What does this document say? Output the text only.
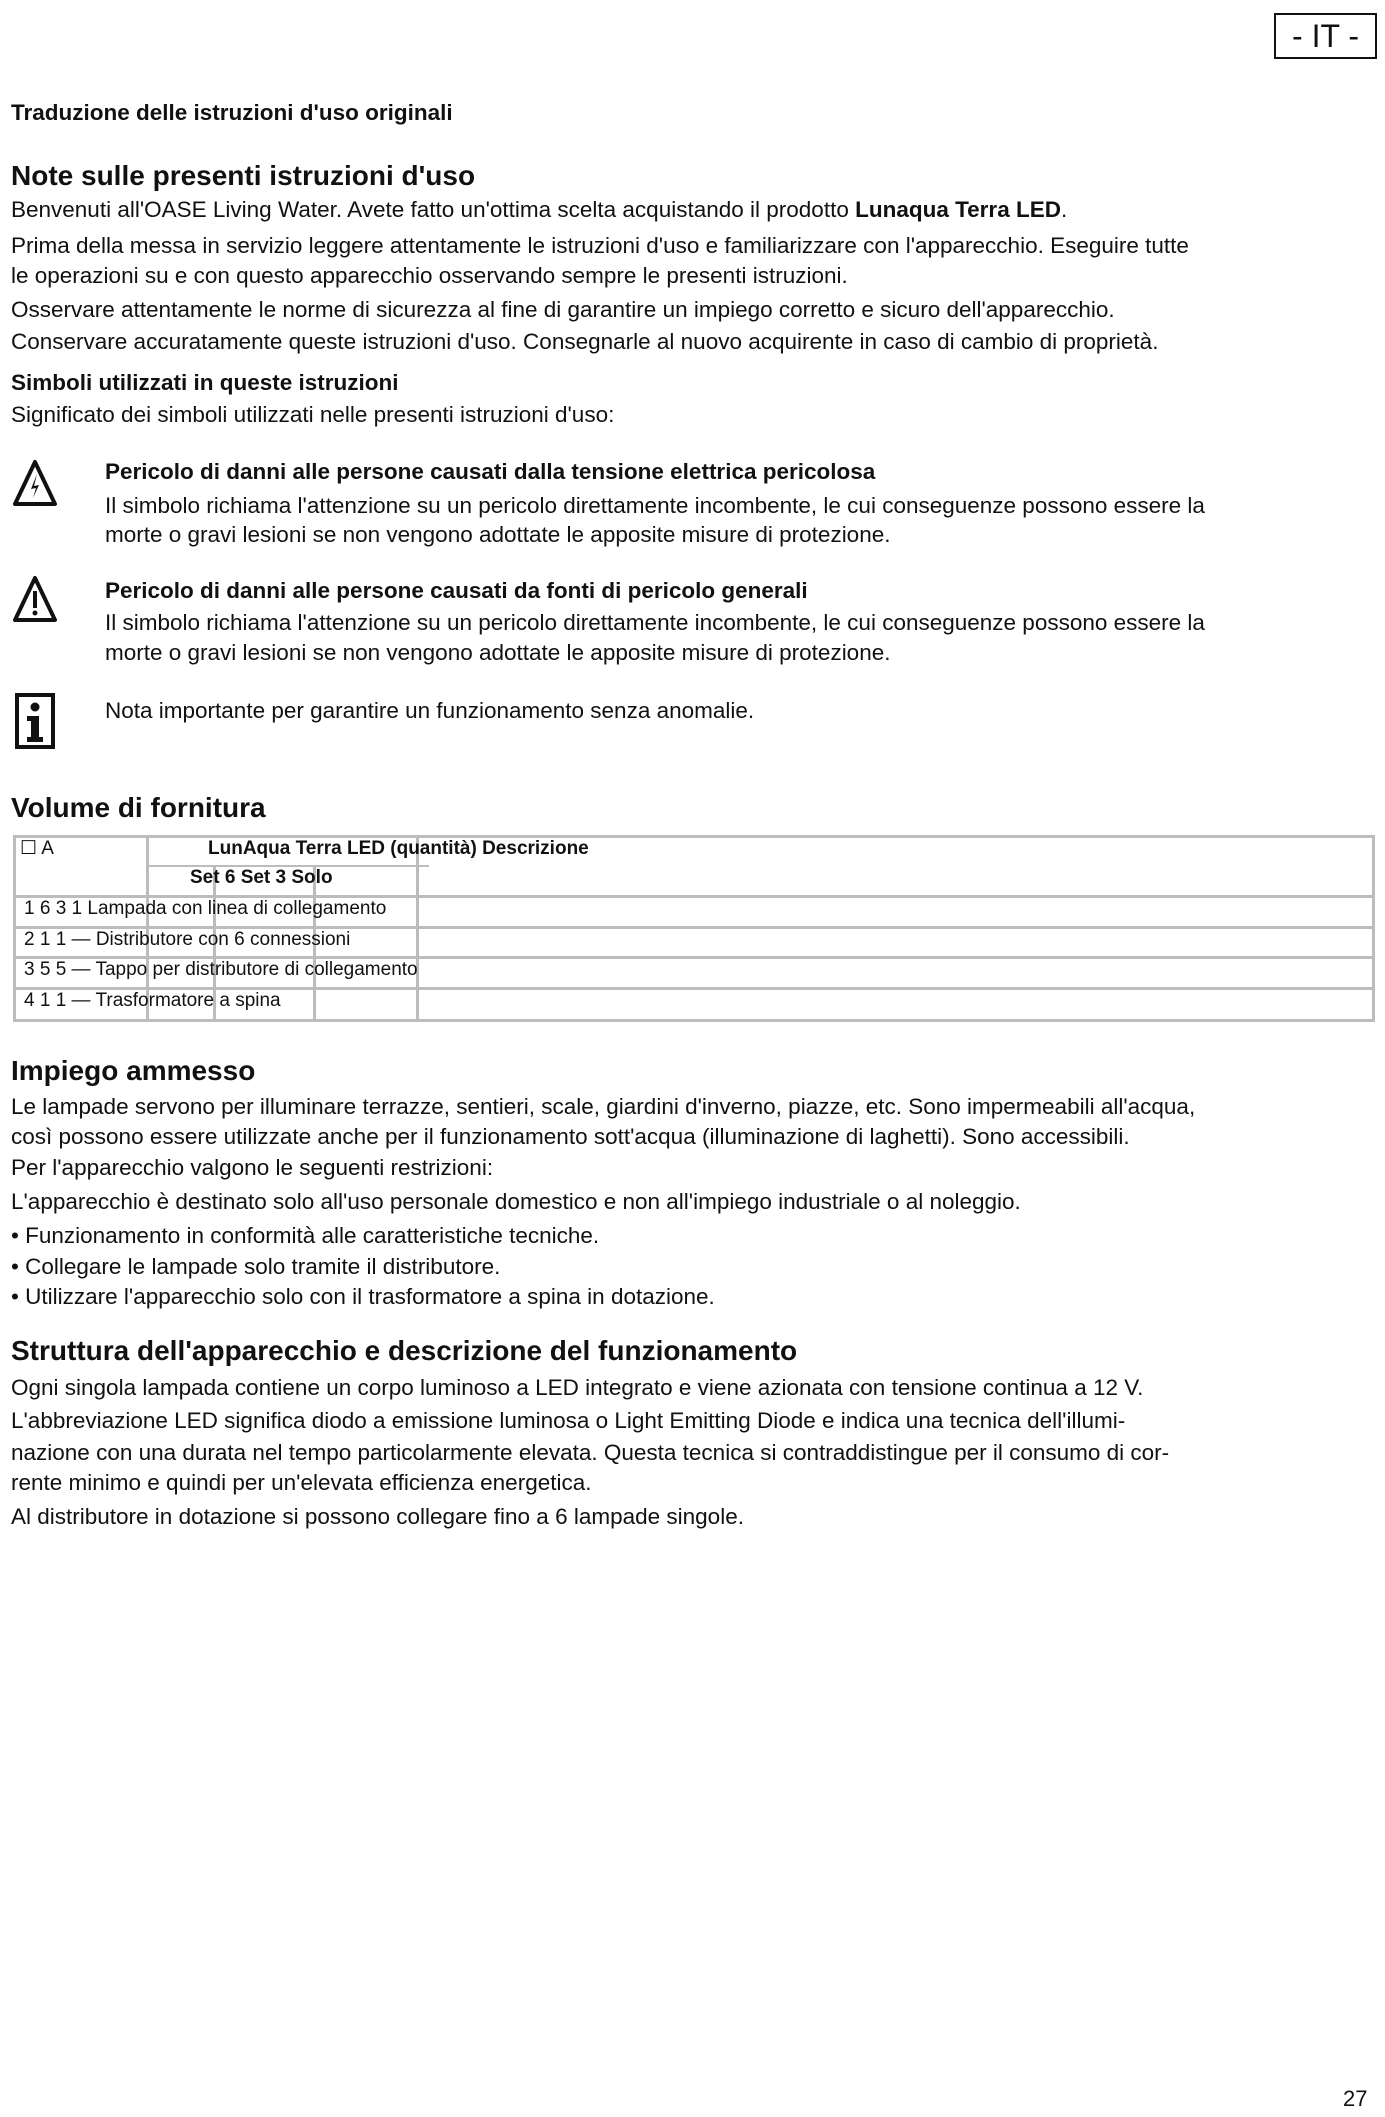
- IT -
Traduzione delle istruzioni d'uso originali
Note sulle presenti istruzioni d'uso
Benvenuti all'OASE Living Water. Avete fatto un'ottima scelta acquistando il prodotto Lunaqua Terra LED.
Prima della messa in servizio leggere attentamente le istruzioni d'uso e familiarizzare con l'apparecchio. Eseguire tutte
le operazioni su e con questo apparecchio osservando sempre le presenti istruzioni.
Osservare attentamente le norme di sicurezza al fine di garantire un impiego corretto e sicuro dell'apparecchio.
Conservare accuratamente queste istruzioni d'uso. Consegnarle al nuovo acquirente in caso di cambio di proprietà.
Simboli utilizzati in queste istruzioni
Significato dei simboli utilizzati nelle presenti istruzioni d'uso:
Pericolo di danni alle persone causati dalla tensione elettrica pericolosa
Il simbolo richiama l'attenzione su un pericolo direttamente incombente, le cui conseguenze possono essere la
morte o gravi lesioni se non vengono adottate le apposite misure di protezione.
Pericolo di danni alle persone causati da fonti di pericolo generali
Il simbolo richiama l'attenzione su un pericolo direttamente incombente, le cui conseguenze possono essere la
morte o gravi lesioni se non vengono adottate le apposite misure di protezione.
Nota importante per garantire un funzionamento senza anomalie.
Volume di fornitura
☐ A	LunAqua Terra LED (quantità) Descrizione
Set 6 Set 3 Solo
1 6 3 1 Lampada con linea di collegamento
2 1 1 — Distributore con 6 connessioni
3 5 5 — Tappo per distributore di collegamento
4 1 1 — Trasformatore a spina
Impiego ammesso
Le lampade servono per illuminare terrazze, sentieri, scale, giardini d'inverno, piazze, etc. Sono impermeabili all'acqua,
così possono essere utilizzate anche per il funzionamento sott'acqua (illuminazione di laghetti). Sono accessibili.
Per l'apparecchio valgono le seguenti restrizioni:
L'apparecchio è destinato solo all'uso personale domestico e non all'impiego industriale o al noleggio.
• Funzionamento in conformità alle caratteristiche tecniche.
• Collegare le lampade solo tramite il distributore.
• Utilizzare l'apparecchio solo con il trasformatore a spina in dotazione.
Struttura dell'apparecchio e descrizione del funzionamento
Ogni singola lampada contiene un corpo luminoso a LED integrato e viene azionata con tensione continua a 12 V.
L'abbreviazione LED significa diodo a emissione luminosa o Light Emitting Diode e indica una tecnica dell'illumi-
nazione con una durata nel tempo particolarmente elevata. Questa tecnica si contraddistingue per il consumo di cor-
rente minimo e quindi per un'elevata efficienza energetica.
Al distributore in dotazione si possono collegare fino a 6 lampade singole.
27
